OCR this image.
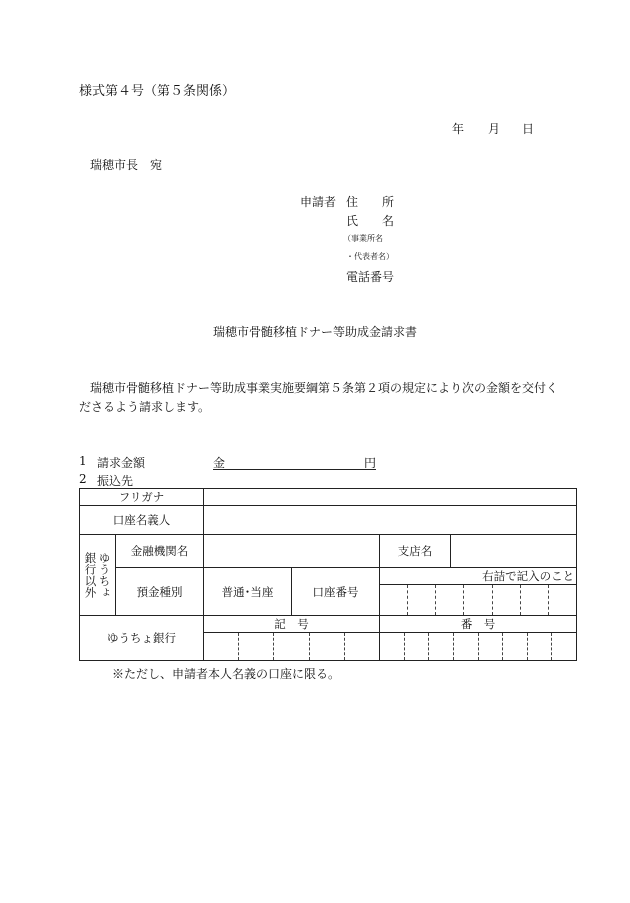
様式第４号（第５条関係）
年 月 日
瑞穂市長　宛
申請者 住　　所
氏　　名
（事業所名
・代表者名）
電話番号
瑞穂市骨髄移植ドナー等助成金請求書
瑞穂市骨髄移植ドナー等助成事業実施要綱第５条第２項の規定により次の金額を交付く
ださるよう請求します。
1 請求金額	金	円
2 振込先
フリガナ					
口座名義人					

銀行以外 ゆうちょ	金融機関名			支店名	
	預金種別	普通･当座	口座番号	右詰で記入のこと	

ゆうちょ銀行		記　号		番　号	

※ただし、申請者本人名義の口座に限る。
